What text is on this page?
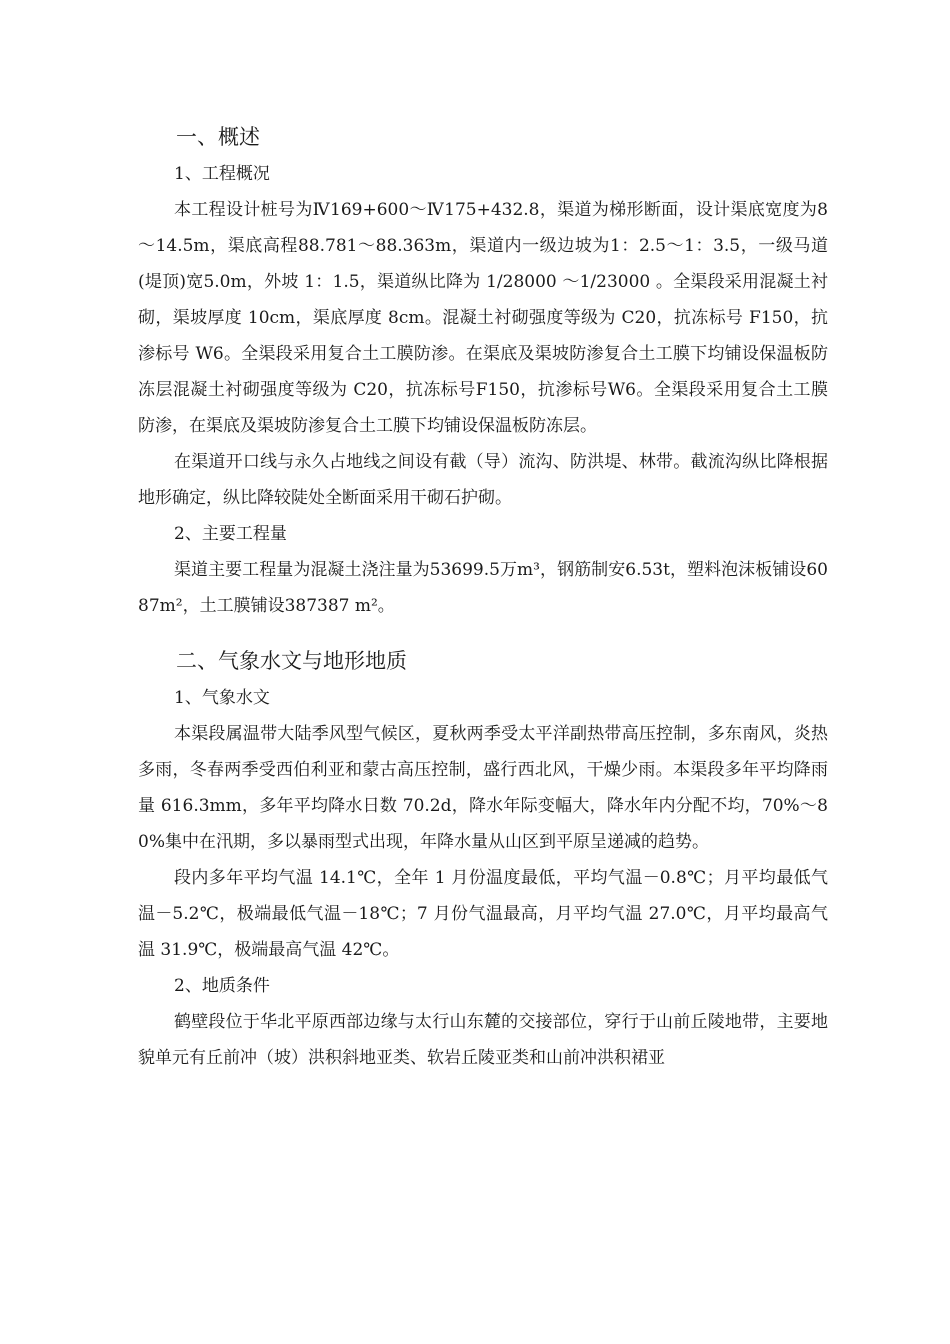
一、概述
1、工程概况

本工程设计桩号为Ⅳ169+600～Ⅳ175+432.8，渠道为梯形断面，设计渠底宽度为8～14.5m，渠底高程88.781～88.363m，渠道内一级边坡为1：2.5～1：3.5，一级马道(堤顶)宽5.0m，外坡 1：1.5，渠道纵比降为 1/28000 ～1/23000 。全渠段采用混凝土衬砌，渠坡厚度 10cm，渠底厚度 8cm。混凝土衬砌强度等级为 C20，抗冻标号 F150，抗渗标号 W6。全渠段采用复合土工膜防渗。在渠底及渠坡防渗复合土工膜下均铺设保温板防冻层混凝土衬砌强度等级为 C20，抗冻标号F150，抗渗标号W6。全渠段采用复合土工膜防渗，在渠底及渠坡防渗复合土工膜下均铺设保温板防冻层。

在渠道开口线与永久占地线之间设有截（导）流沟、防洪堤、林带。截流沟纵比降根据地形确定，纵比降较陡处全断面采用干砌石护砌。

2、主要工程量

渠道主要工程量为混凝土浇注量为53699.5万m³，钢筋制安6.53t，塑料泡沫板铺设6087m²，土工膜铺设387387 m²。

二、气象水文与地形地质
1、气象水文

本渠段属温带大陆季风型气候区，夏秋两季受太平洋副热带高压控制，多东南风，炎热多雨，冬春两季受西伯利亚和蒙古高压控制，盛行西北风，干燥少雨。本渠段多年平均降雨量 616.3mm，多年平均降水日数 70.2d，降水年际变幅大，降水年内分配不均，70%～80%集中在汛期，多以暴雨型式出现，年降水量从山区到平原呈递减的趋势。

段内多年平均气温 14.1℃，全年 1 月份温度最低，平均气温－0.8℃；月平均最低气温－5.2℃，极端最低气温－18℃；7 月份气温最高，月平均气温 27.0℃，月平均最高气温 31.9℃，极端最高气温 42℃。

2、地质条件

鹤壁段位于华北平原西部边缘与太行山东麓的交接部位，穿行于山前丘陵地带，主要地貌单元有丘前冲（坡）洪积斜地亚类、软岩丘陵亚类和山前冲洪积裙亚
